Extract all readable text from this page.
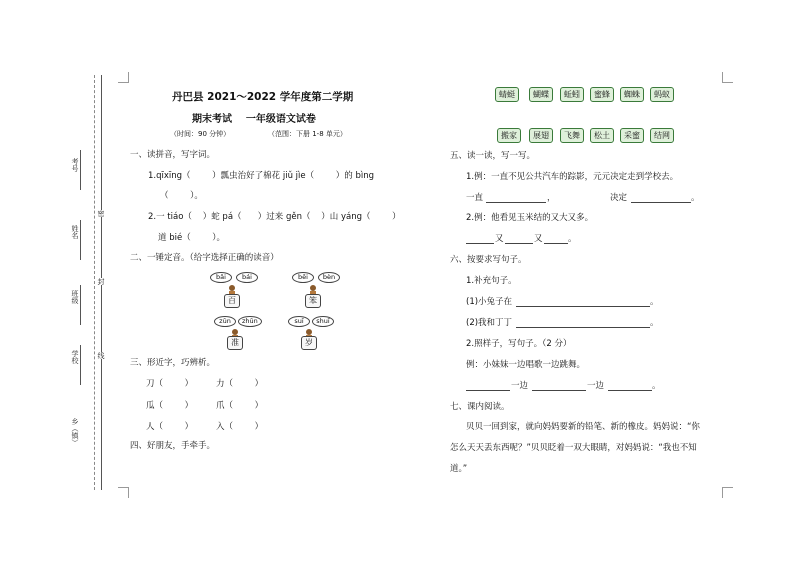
考号
姓名
班级
学校
乡（镇）
密
封
线
丹巴县 2021～2022 学年度第二学期
期末考试    一年级语文试卷
（时间：90 分钟）	（范围：下册 1-8 单元）
一、读拼音，写字词。
1.qīxīng（        ）瓢虫治好了棉花 jiǔ jìe（        ）的 bìng
（        ）。
2.一 tiáo（    ）蛇 pá（      ）过来 gěn（    ）山 yáng（        ）
道 bié（        ）。
二、一锤定音。（给字选择正确的读音）
bǎi	bái
百
bēi	bèn
笨
zūn	zhūn
准
suī	shuī
岁
三、形近字，巧辨析。
刀（        ）	力（        ）
瓜（        ）	爪（        ）
人（        ）	入（        ）
四、好朋友，手牵手。
蜻蜓	蝴蝶	蚯蚓	蜜蜂	蜘蛛	蚂蚁
搬家	展翅	飞舞	松土	采蜜	结网
五、读一读，写一写。
1.例：一直不见公共汽车的踪影，元元决定走到学校去。
一直	，	决定	。
2.例：他看见玉米结的又大又多。
又	又	。
六、按要求写句子。
1.补充句子。
(1)小兔子在	。
(2)我和丁丁	。
2.照样子，写句子。（2 分）
例：小妹妹一边唱歌一边跳舞。
一边	一边	。
七、课内阅读。
贝贝一回到家，就向妈妈要新的铅笔、新的橡皮。妈妈说：“你
怎么天天丢东西呢？”贝贝眨着一双大眼睛，对妈妈说：“我也不知
道。”
